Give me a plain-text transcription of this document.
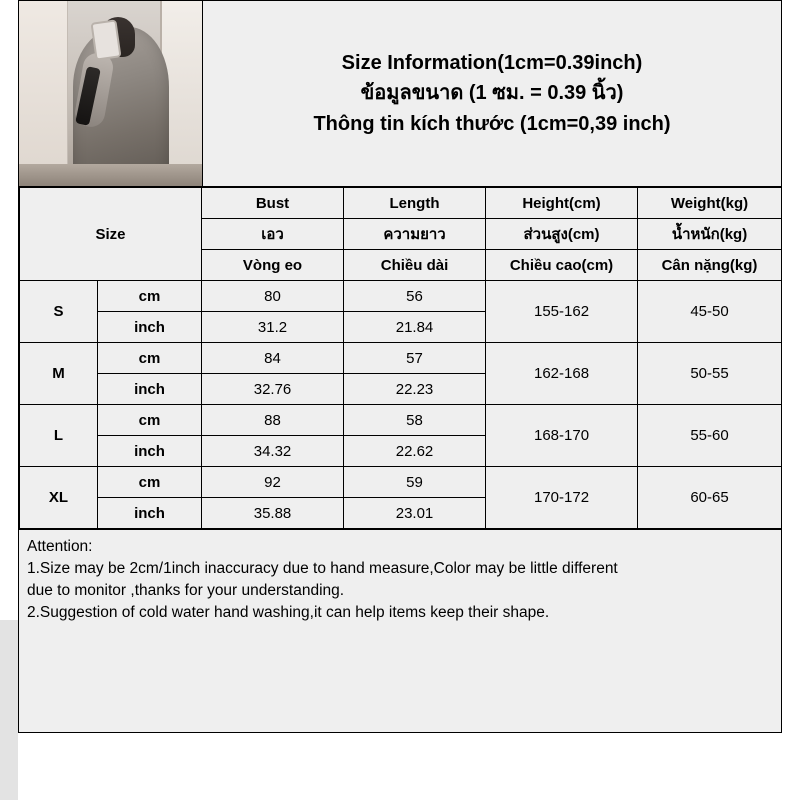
Size Information(1cm=0.39inch)
ข้อมูลขนาด (1 ซม. = 0.39 นิ้ว)
Thông tin kích thước (1cm=0,39 inch)
Size		Bust	Length	Height(cm)	Weight(kg)
		เอว	ความยาว	ส่วนสูง(cm)	น้ำหนัก(kg)
		Vòng eo	Chiều dài	Chiều cao(cm)	Cân nặng(kg)
S	cm	80	56	155-162	45-50
	inch	31.2	21.84		
M	cm	84	57	162-168	50-55
	inch	32.76	22.23		
L	cm	88	58	168-170	55-60
	inch	34.32	22.62		
XL	cm	92	59	170-172	60-65
	inch	35.88	23.01		

Attention:

1.Size may be 2cm/1inch inaccuracy due to hand measure,Color may be little different

due to monitor ,thanks for your understanding.

2.Suggestion of cold water hand washing,it can help items keep their shape.
